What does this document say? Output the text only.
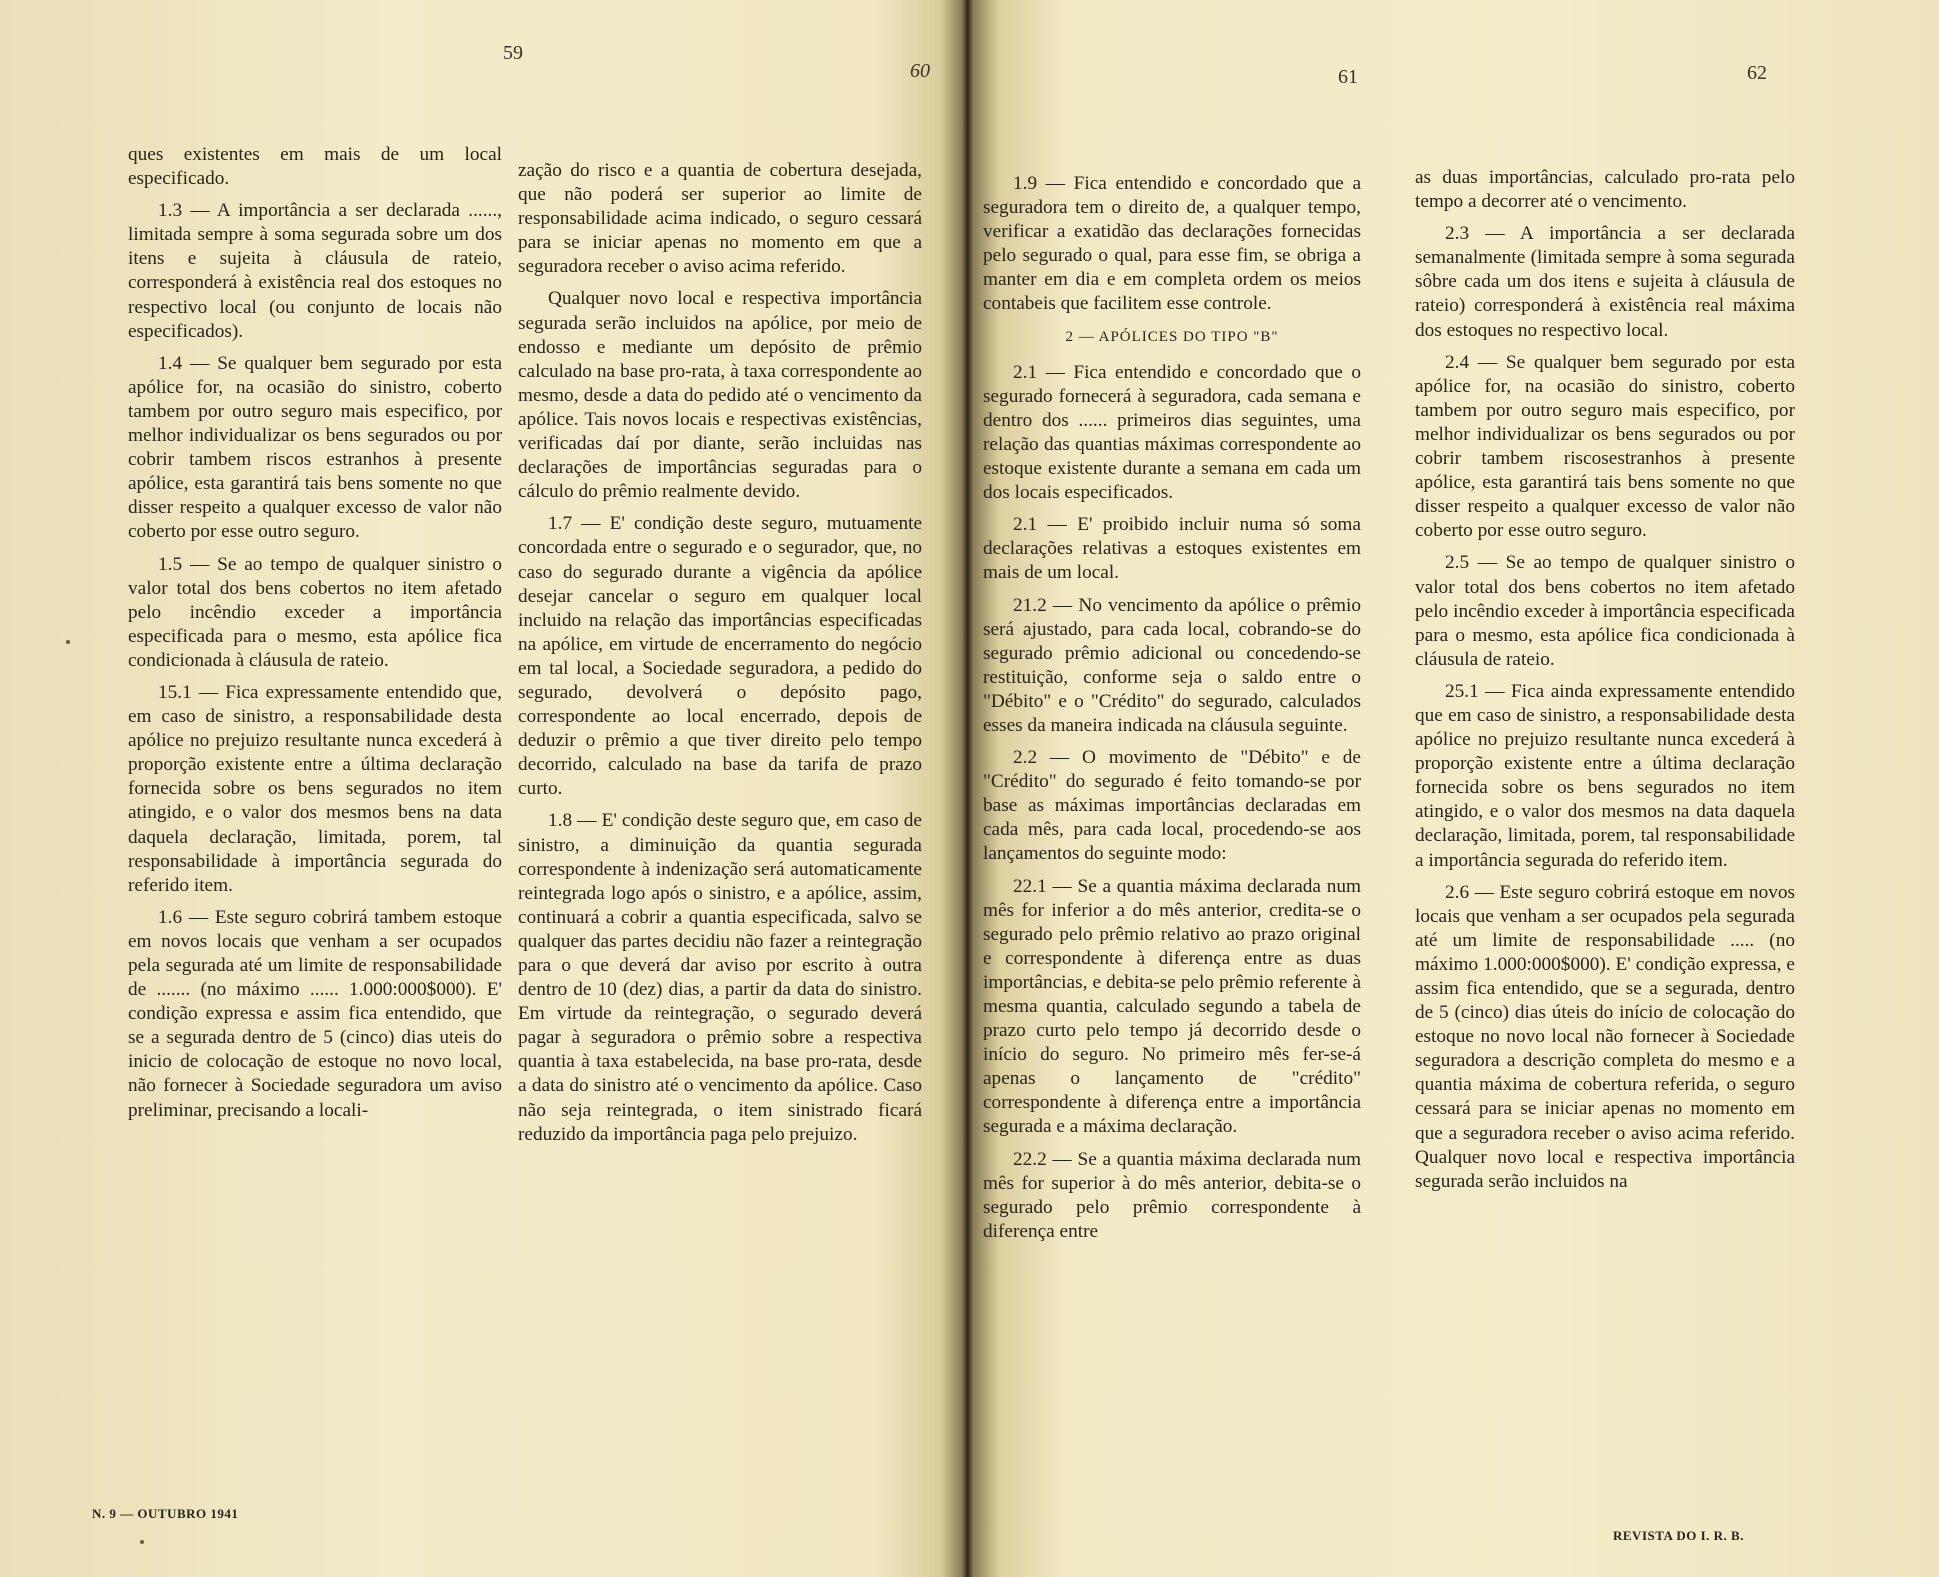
59
60

ques existentes em mais de um local especificado.

1.3 — A importância a ser declarada ......, limitada sempre à soma segurada sobre um dos itens e sujeita à cláusula de rateio, corresponderá à existência real dos estoques no respectivo local (ou conjunto de locais não especificados).

1.4 — Se qualquer bem segurado por esta apólice for, na ocasião do sinistro, coberto tambem por outro seguro mais especifico, por melhor individualizar os bens segurados ou por cobrir tambem riscos estranhos à presente apólice, esta garantirá tais bens somente no que disser respeito a qualquer excesso de valor não coberto por esse outro seguro.

1.5 — Se ao tempo de qualquer sinistro o valor total dos bens cobertos no item afetado pelo incêndio exceder a importância especificada para o mesmo, esta apólice fica condicionada à cláusula de rateio.

15.1 — Fica expressamente entendido que, em caso de sinistro, a responsabilidade desta apólice no prejuizo resultante nunca excederá à proporção existente entre a última declaração fornecida sobre os bens segurados no item atingido, e o valor dos mesmos bens na data daquela declaração, limitada, porem, tal responsabilidade à importância segurada do referido item.

1.6 — Este seguro cobrirá tambem estoque em novos locais que venham a ser ocupados pela segurada até um limite de responsabilidade de ....... (no máximo ...... 1.000:000$000). E' condição expressa e assim fica entendido, que se a segurada dentro de 5 (cinco) dias uteis do inicio de colocação de estoque no novo local, não fornecer à Sociedade seguradora um aviso preliminar, precisando a locali-

zação do risco e a quantia de cobertura desejada, que não poderá ser superior ao limite de responsabilidade acima indicado, o seguro cessará para se iniciar apenas no momento em que a seguradora receber o aviso acima referido.

Qualquer novo local e respectiva importância segurada serão incluidos na apólice, por meio de endosso e mediante um depósito de prêmio calculado na base pro-rata, à taxa correspondente ao mesmo, desde a data do pedido até o vencimento da apólice. Tais novos locais e respectivas existências, verificadas daí por diante, serão incluidas nas declarações de importâncias seguradas para o cálculo do prêmio realmente devido.

1.7 — E' condição deste seguro, mutuamente concordada entre o segurado e o segurador, que, no caso do segurado durante a vigência da apólice desejar cancelar o seguro em qualquer local incluido na relação das importâncias especificadas na apólice, em virtude de encerramento do negócio em tal local, a Sociedade seguradora, a pedido do segurado, devolverá o depósito pago, correspondente ao local encerrado, depois de deduzir o prêmio a que tiver direito pelo tempo decorrido, calculado na base da tarifa de prazo curto.

1.8 — E' condição deste seguro que, em caso de sinistro, a diminuição da quantia segurada correspondente à indenização será automaticamente reintegrada logo após o sinistro, e a apólice, assim, continuará a cobrir a quantia especificada, salvo se qualquer das partes decidiu não fazer a reintegração para o que deverá dar aviso por escrito à outra dentro de 10 (dez) dias, a partir da data do sinistro. Em virtude da reintegração, o segurado deverá pagar à seguradora o prêmio sobre a respectiva quantia à taxa estabelecida, na base pro-rata, desde a data do sinistro até o vencimento da apólice. Caso não seja reintegrada, o item sinistrado ficará reduzido da importância paga pelo prejuizo.

N. 9 — OUTUBRO 1941
61	62

1.9 — Fica entendido e concordado que a seguradora tem o direito de, a qualquer tempo, verificar a exatidão das declarações fornecidas pelo segurado o qual, para esse fim, se obriga a manter em dia e em completa ordem os meios contabeis que facilitem esse controle.

2 — APÓLICES DO TIPO "B"

2.1 — Fica entendido e concordado que o segurado fornecerá à seguradora, cada semana e dentro dos ...... primeiros dias seguintes, uma relação das quantias máximas correspondente ao estoque existente durante a semana em cada um dos locais especificados.

2.1 — E' proibido incluir numa só soma declarações relativas a estoques existentes em mais de um local.

21.2 — No vencimento da apólice o prêmio será ajustado, para cada local, cobrando-se do segurado prêmio adicional ou concedendo-se restituição, conforme seja o saldo entre o "Débito" e o "Crédito" do segurado, calculados esses da maneira indicada na cláusula seguinte.

2.2 — O movimento de "Débito" e de "Crédito" do segurado é feito tomando-se por base as máximas importâncias declaradas em cada mês, para cada local, procedendo-se aos lançamentos do seguinte modo:

22.1 — Se a quantia máxima declarada num mês for inferior a do mês anterior, credita-se o segurado pelo prêmio relativo ao prazo original e correspondente à diferença entre as duas importâncias, e debita-se pelo prêmio referente à mesma quantia, calculado segundo a tabela de prazo curto pelo tempo já decorrido desde o início do seguro. No primeiro mês fer-se-á apenas o lançamento de "crédito" correspondente à diferença entre a importância segurada e a máxima declaração.

22.2 — Se a quantia máxima declarada num mês for superior à do mês anterior, debita-se o segurado pelo prêmio correspondente à diferença entre

as duas importâncias, calculado pro-rata pelo tempo a decorrer até o vencimento.

2.3 — A importância a ser declarada semanalmente (limitada sempre à soma segurada sôbre cada um dos itens e sujeita à cláusula de rateio) corresponderá à existência real máxima dos estoques no respectivo local.

2.4 — Se qualquer bem segurado por esta apólice for, na ocasião do sinistro, coberto tambem por outro seguro mais especifico, por melhor individualizar os bens segurados ou por cobrir tambem riscosestranhos à presente apólice, esta garantirá tais bens somente no que disser respeito a qualquer excesso de valor não coberto por esse outro seguro.

2.5 — Se ao tempo de qualquer sinistro o valor total dos bens cobertos no item afetado pelo incêndio exceder à importância especificada para o mesmo, esta apólice fica condicionada à cláusula de rateio.

25.1 — Fica ainda expressamente entendido que em caso de sinistro, a responsabilidade desta apólice no prejuizo resultante nunca excederá à proporção existente entre a última declaração fornecida sobre os bens segurados no item atingido, e o valor dos mesmos na data daquela declaração, limitada, porem, tal responsabilidade a importância segurada do referido item.

2.6 — Este seguro cobrirá estoque em novos locais que venham a ser ocupados pela segurada até um limite de responsabilidade ..... (no máximo 1.000:000$000). E' condição expressa, e assim fica entendido, que se a segurada, dentro de 5 (cinco) dias úteis do início de colocação do estoque no novo local não fornecer à Sociedade seguradora a descrição completa do mesmo e a quantia máxima de cobertura referida, o seguro cessará para se iniciar apenas no momento em que a seguradora receber o aviso acima referido. Qualquer novo local e respectiva importância segurada serão incluidos na

REVISTA DO I. R. B.
